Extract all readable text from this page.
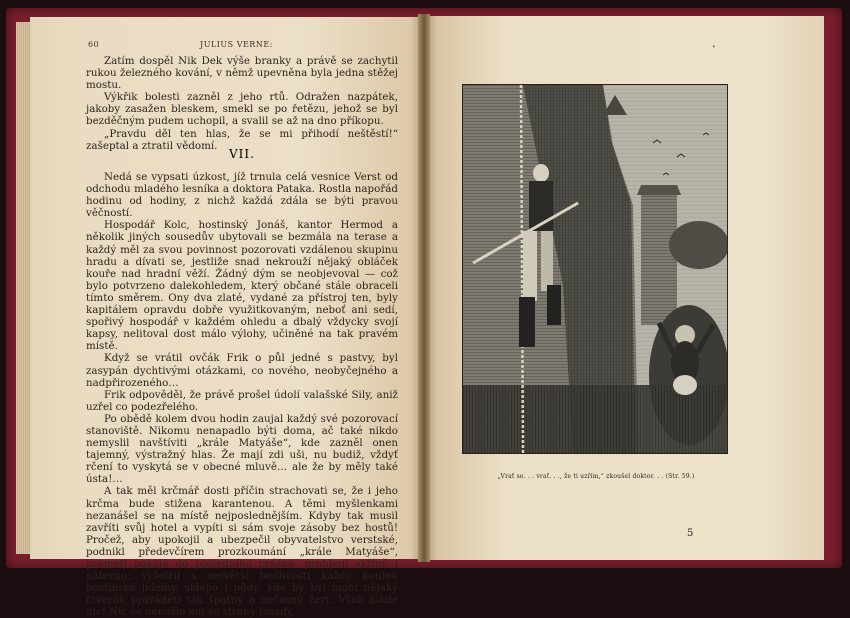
60	JULIUS VERNE:

Zatím dospěl Nik Dek výše branky a právě se zachytil rukou železného kování, v němž upevněna byla jedna stěžej mostu.

Výkřik bolesti zazněl z jeho rtů. Odražen nazpátek, jakoby zasažen bleskem, smekl se po řetězu, jehož se byl bezděčným pudem uchopil, a svalil se až na dno příkopu.

„Pravdu děl ten hlas, že se mi přihodí neštěstí!“ zašeptal a ztratil vědomí.

VII.

Nedá se vypsati úzkost, jíž trnula celá vesnice Verst od odchodu mladého lesníka a doktora Pataka. Rostla napořád hodinu od hodiny, z nichž každá zdála se býti pravou věčností.

Hospodář Kolc, hostinský Jonáš, kantor Hermod a několik jiných sousedův ubytovali se bezmála na terase a každý měl za svou povinnost pozorovati vzdálenou skupinu hradu a dívati se, jestliže snad nekrouží nějaký obláček kouře nad hradní věží. Žádný dým se neobjevoval — což bylo potvrzeno dalekohledem, který občané stále obraceli tímto směrem. Ony dva zlaté, vydané za přístroj ten, byly kapitálem opravdu dobře využitkovaným, neboť ani sedí, spořivý hospodář v každém ohledu a dbalý vždycky svojí kapsy, nelitoval dost málo výlohy, učiněné na tak pravém místě.

Když se vrátil ovčák Frik o půl jedné s pastvy, byl zasypán dychtivými otázkami, co nového, neobyčejného a nadpřirozeného…

Frik odpověděl, že právě prošel údolí valašské Sily, aniž uzřel co podezřelého.

Po obědě kolem dvou hodin zaujal každý své pozorovací stanoviště. Nikomu nenapadlo býti doma, ač také nikdo nemyslil navštíviti „krále Matyáše“, kde zazněl onen tajemný, výstražný hlas. Že mají zdi uši, nu budiž, vždyť rčení to vyskytá se v obecné mluvě… ale že by měly také ústa!…

A tak měl krčmář dosti příčin strachovati se, že i jeho krčma bude stižena karantenou. A těmi myšlenkami nezanášel se na místě nejposlednějším. Kdyby tak musil zavříti svůj hotel a vypíti si sám svoje zásoby bez hostů! Pročež, aby upokojil a ubezpečil obyvatelstvo verstské, podnikl předevčírem prozkoumání „krále Matyáše“, prometl pokoje do posledního prášku, prohledl skříně i nálevnu, vyšetřil s největší bedlivostí každý koutek hostinské jídelny, sklepa i půdy, kde by byl mohl nějaký čtverák prováděti tak špatný a nečasný žert. Však nikde nic! Nic se nenašlo ani se strany fasady,

•
„Vrať se. . . vrať. . ., že ti uzřím,“ zkoušel doktor. . . (Str. 59.)
5
